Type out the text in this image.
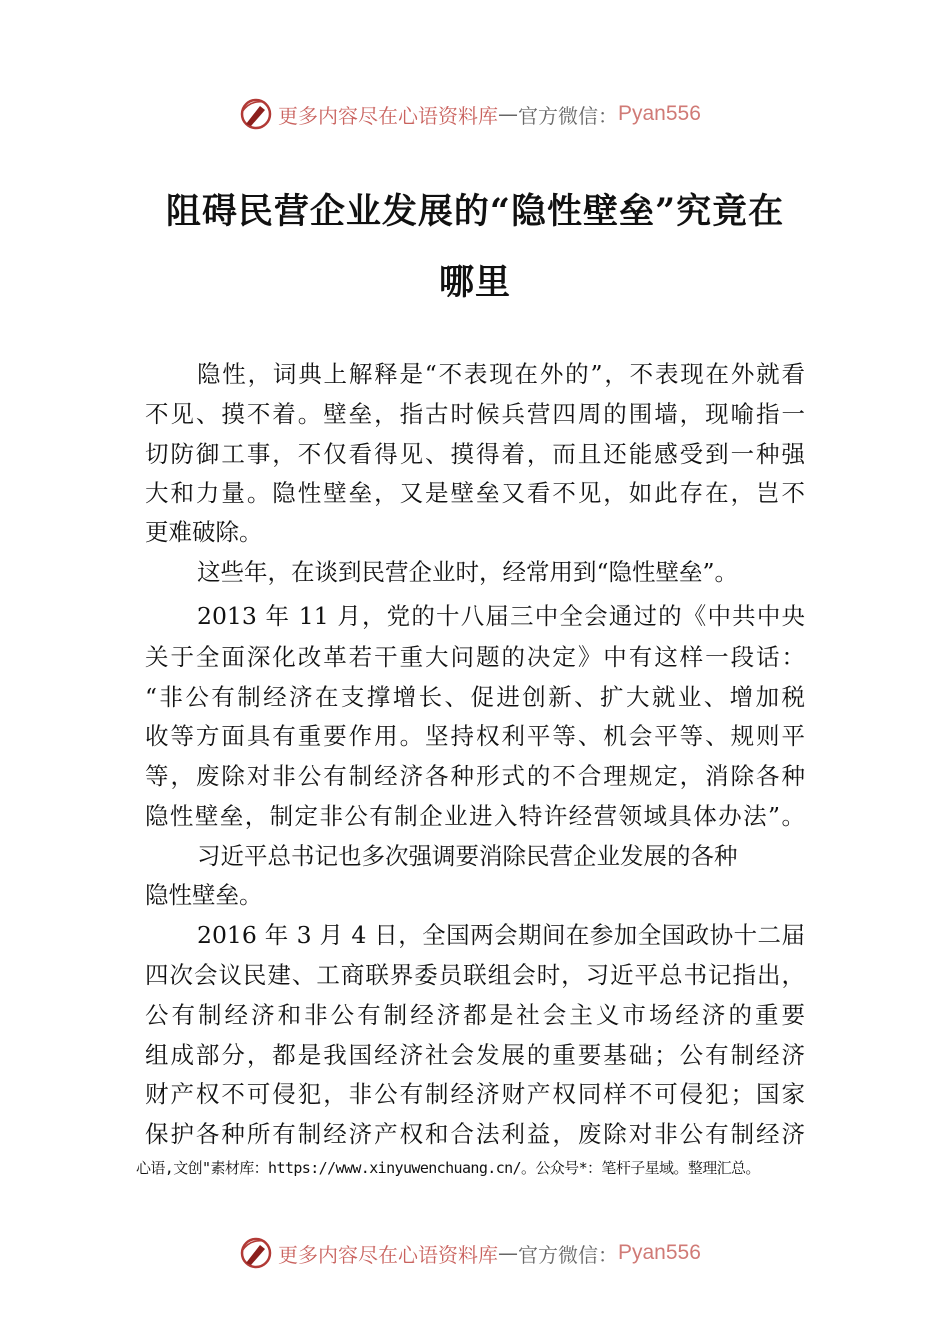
更多内容尽在心语资料库 — 官方微信： Pyan556
阻碍民营企业发展的“隐性壁垒”究竟在
哪里
隐性，词典上解释是“不表现在外的”，不表现在外就看
不见、摸不着。壁垒，指古时候兵营四周的围墙，现喻指一
切防御工事，不仅看得见、摸得着，而且还能感受到一种强
大和力量。隐性壁垒，又是壁垒又看不见，如此存在，岂不
更难破除。
这些年，在谈到民营企业时，经常用到“隐性壁垒”。
2013 年 11 月，党的十八届三中全会通过的《中共中央
关于全面深化改革若干重大问题的决定》中有这样一段话：
“非公有制经济在支撑增长、促进创新、扩大就业、增加税
收等方面具有重要作用。坚持权利平等、机会平等、规则平
等，废除对非公有制经济各种形式的不合理规定，消除各种
隐性壁垒，制定非公有制企业进入特许经营领域具体办法”。
习近平总书记也多次强调要消除民营企业发展的各种
隐性壁垒。
2016 年 3 月 4 日，全国两会期间在参加全国政协十二届
四次会议民建、工商联界委员联组会时，习近平总书记指出，
公有制经济和非公有制经济都是社会主义市场经济的重要
组成部分，都是我国经济社会发展的重要基础；公有制经济
财产权不可侵犯，非公有制经济财产权同样不可侵犯；国家
保护各种所有制经济产权和合法利益，废除对非公有制经济
心语,文创"素材库：https://www.xinyuwenchuang.cn/。公众号*：笔杆子星域。整理汇总。
更多内容尽在心语资料库 — 官方微信： Pyan556
